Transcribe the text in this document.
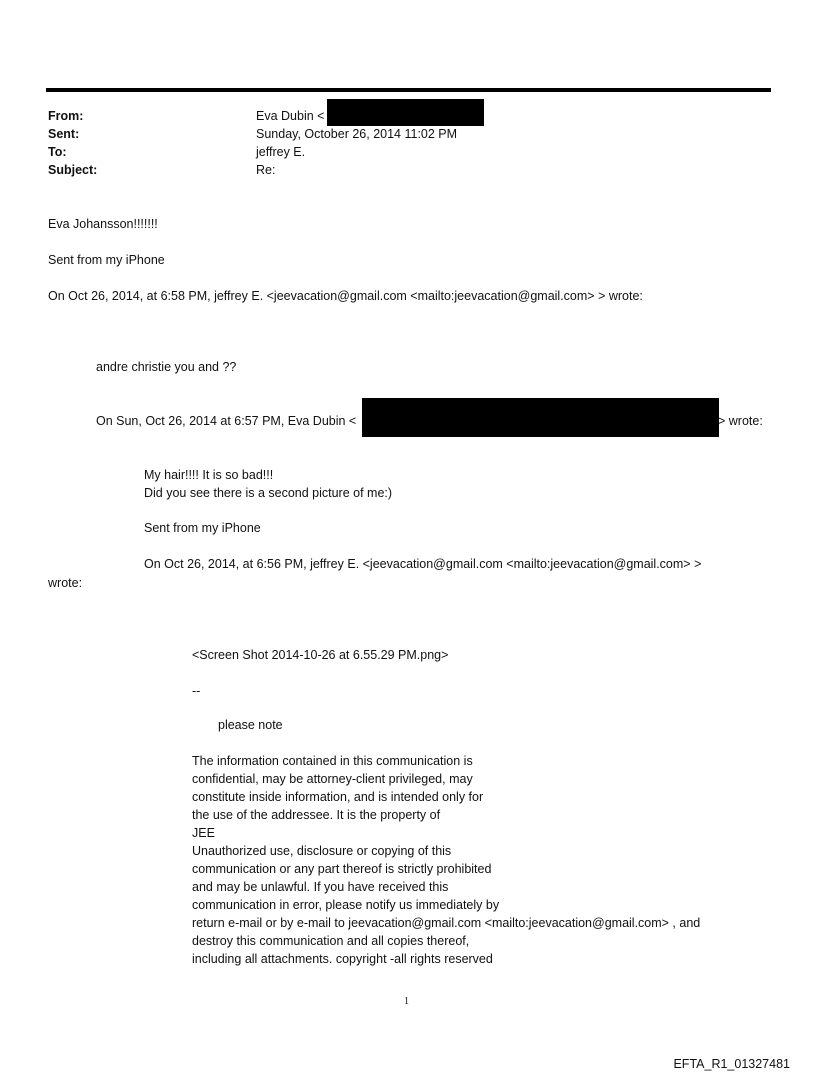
From:	Eva Dubin <
Sent:	Sunday, October 26, 2014 11:02 PM
To:	jeffrey E.
Subject:	Re:
Eva Johansson!!!!!!!
Sent from my iPhone
On Oct 26, 2014, at 6:58 PM, jeffrey E. <jeevacation@gmail.com <mailto:jeevacation@gmail.com> > wrote:
andre christie you and ??
On Sun, Oct 26, 2014 at 6:57 PM, Eva Dubin <	> wrote:
My hair!!!! It is so bad!!!
Did you see there is a second picture of me:)
Sent from my iPhone
On Oct 26, 2014, at 6:56 PM, jeffrey E. <jeevacation@gmail.com <mailto:jeevacation@gmail.com> >
wrote:
<Screen Shot 2014-10-26 at 6.55.29 PM.png>
--
please note
The information contained in this communication is
confidential, may be attorney-client privileged, may
constitute inside information, and is intended only for
the use of the addressee. It is the property of
JEE
Unauthorized use, disclosure or copying of this
communication or any part thereof is strictly prohibited
and may be unlawful. If you have received this
communication in error, please notify us immediately by
return e-mail or by e-mail to jeevacation@gmail.com <mailto:jeevacation@gmail.com> , and
destroy this communication and all copies thereof,
including all attachments. copyright -all rights reserved
1
EFTA_R1_01327481
